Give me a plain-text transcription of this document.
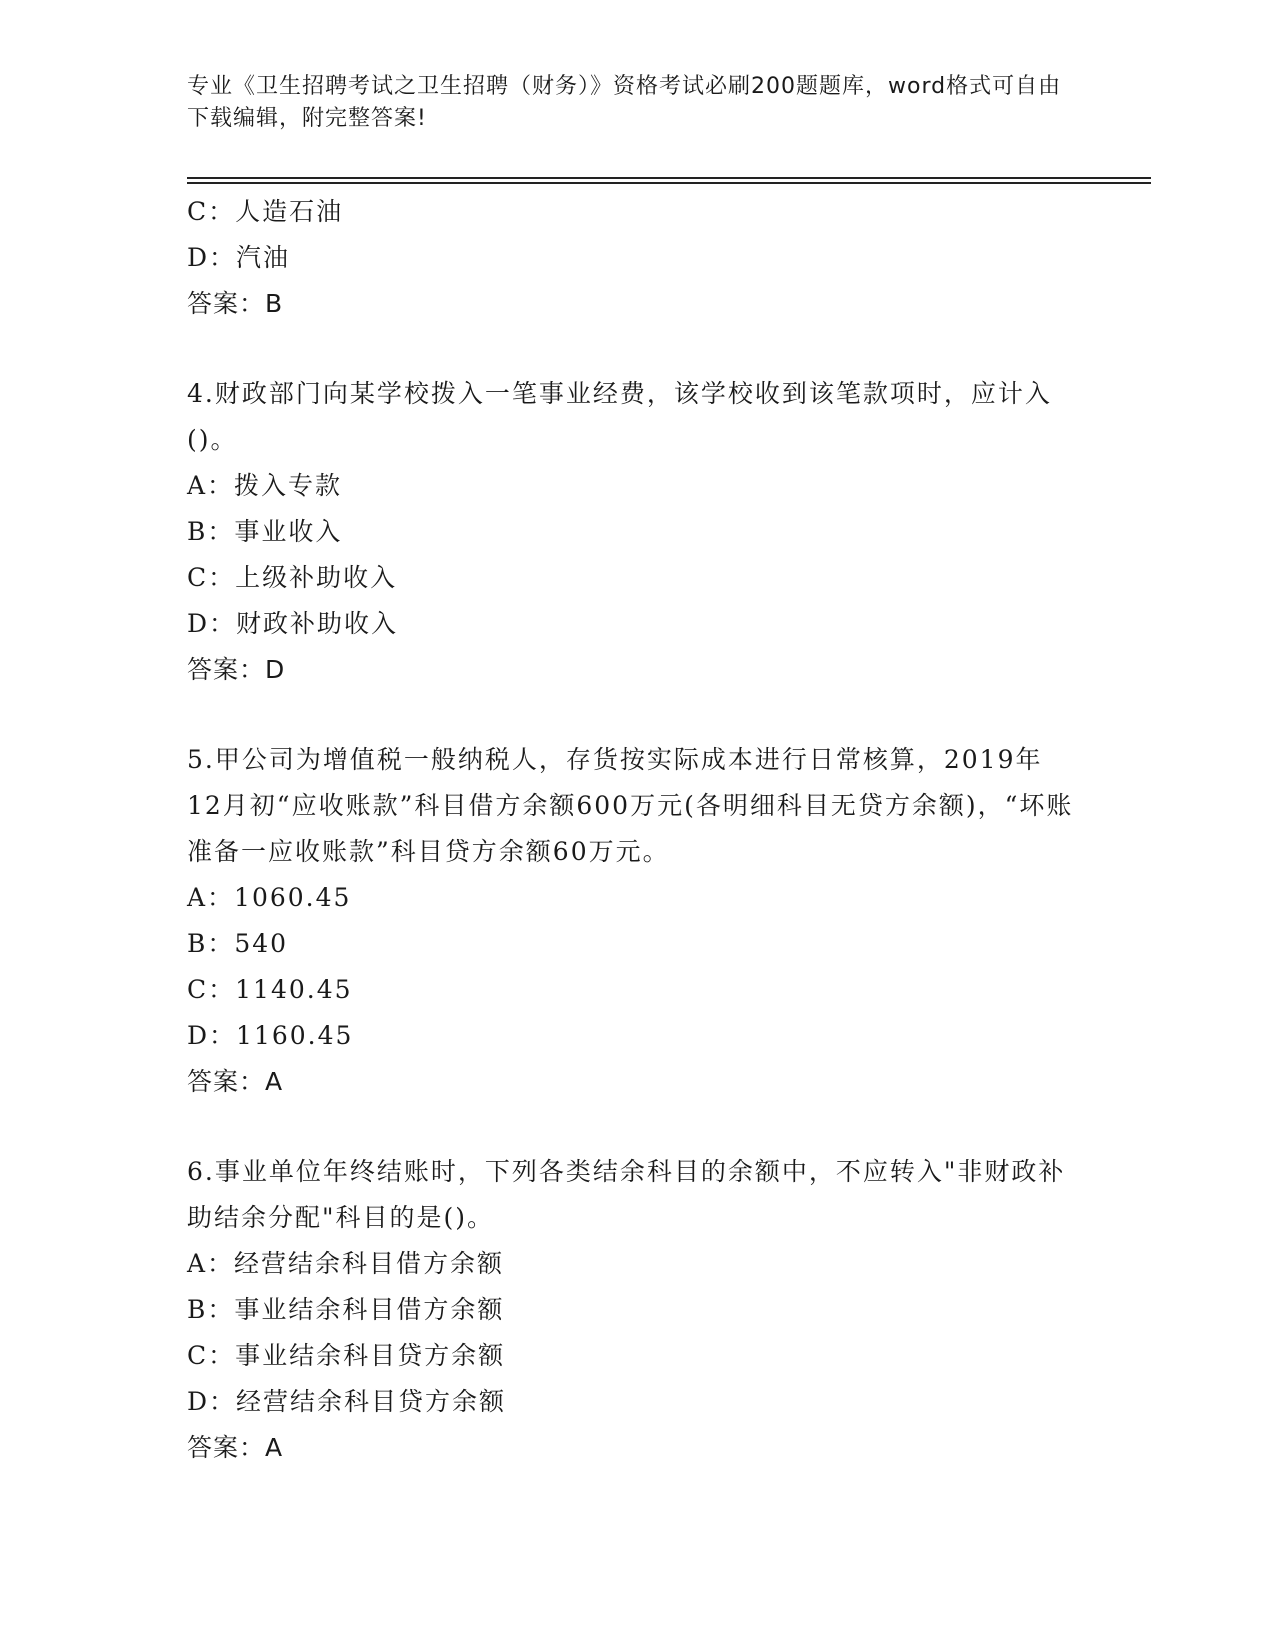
专业《卫生招聘考试之卫生招聘（财务）》资格考试必刷200题题库，word格式可自由下载编辑，附完整答案!
C：人造石油
D：汽油
答案：B
4.财政部门向某学校拨入一笔事业经费，该学校收到该笔款项时，应计入()。
A：拨入专款
B：事业收入
C：上级补助收入
D：财政补助收入
答案：D
5.甲公司为增值税一般纳税人，存货按实际成本进行日常核算，2019年12月初“应收账款”科目借方余额600万元(各明细科目无贷方余额)，“坏账准备一应收账款”科目贷方余额60万元。
A：1060.45
B：540
C：1140.45
D：1160.45
答案：A
6.事业单位年终结账时，下列各类结余科目的余额中，不应转入"非财政补助结余分配"科目的是()。
A：经营结余科目借方余额
B：事业结余科目借方余额
C：事业结余科目贷方余额
D：经营结余科目贷方余额
答案：A
